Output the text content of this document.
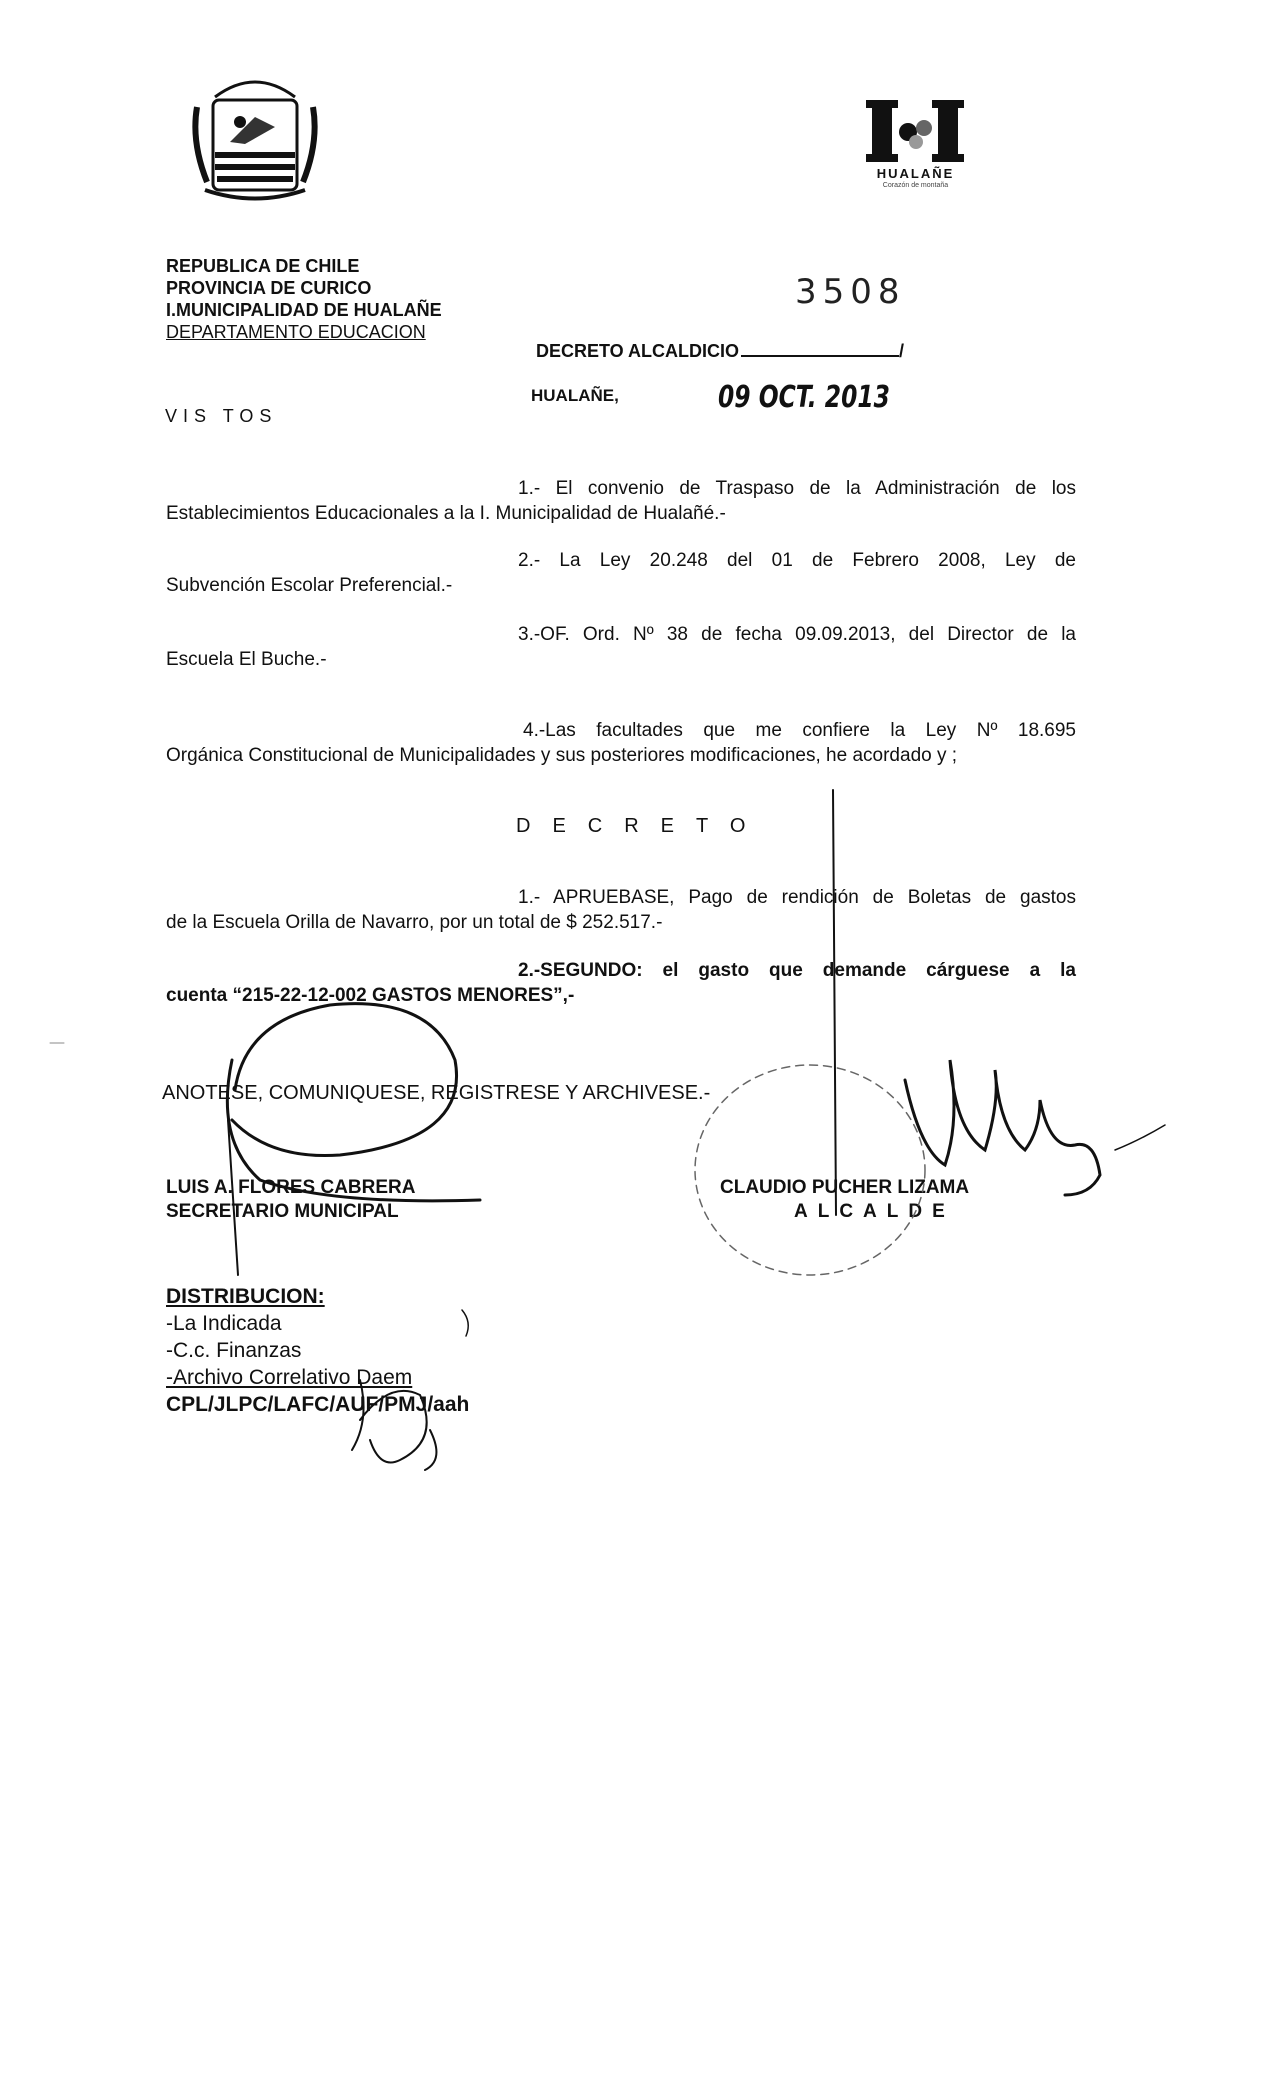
HUALAÑE
Corazón de montaña
REPUBLICA DE CHILE
PROVINCIA DE CURICO
I.MUNICIPALIDAD DE HUALAÑE
DEPARTAMENTO EDUCACION
3508
DECRETO ALCALDICIO	/
VIS TOS
HUALAÑE,	09 OCT. 2013
1.- El convenio de Traspaso de la Administración de los
Establecimientos Educacionales a la I. Municipalidad de Hualañé.-
2.- La Ley 20.248 del 01 de Febrero 2008, Ley de
Subvención Escolar Preferencial.-
3.-OF. Ord. Nº 38 de fecha 09.09.2013, del Director de la
Escuela El Buche.-
4.-Las facultades que me confiere la Ley Nº 18.695
Orgánica Constitucional de Municipalidades y sus posteriores modificaciones, he acordado y ;
DECRETO
1.- APRUEBASE, Pago de rendición de Boletas de gastos
de la Escuela Orilla de Navarro, por un total de $ 252.517.-
2.-SEGUNDO: el gasto que demande cárguese a la
cuenta “215-22-12-002 GASTOS MENORES”,-
ANOTESE, COMUNIQUESE, REGISTRESE Y ARCHIVESE.-
LUIS A. FLORES CABRERA
SECRETARIO MUNICIPAL
CLAUDIO PUCHER LIZAMA
ALCALDE
DISTRIBUCION:
-La Indicada
-C.c. Finanzas
-Archivo Correlativo Daem
CPL/JLPC/LAFC/AUF/PMJ/aah
